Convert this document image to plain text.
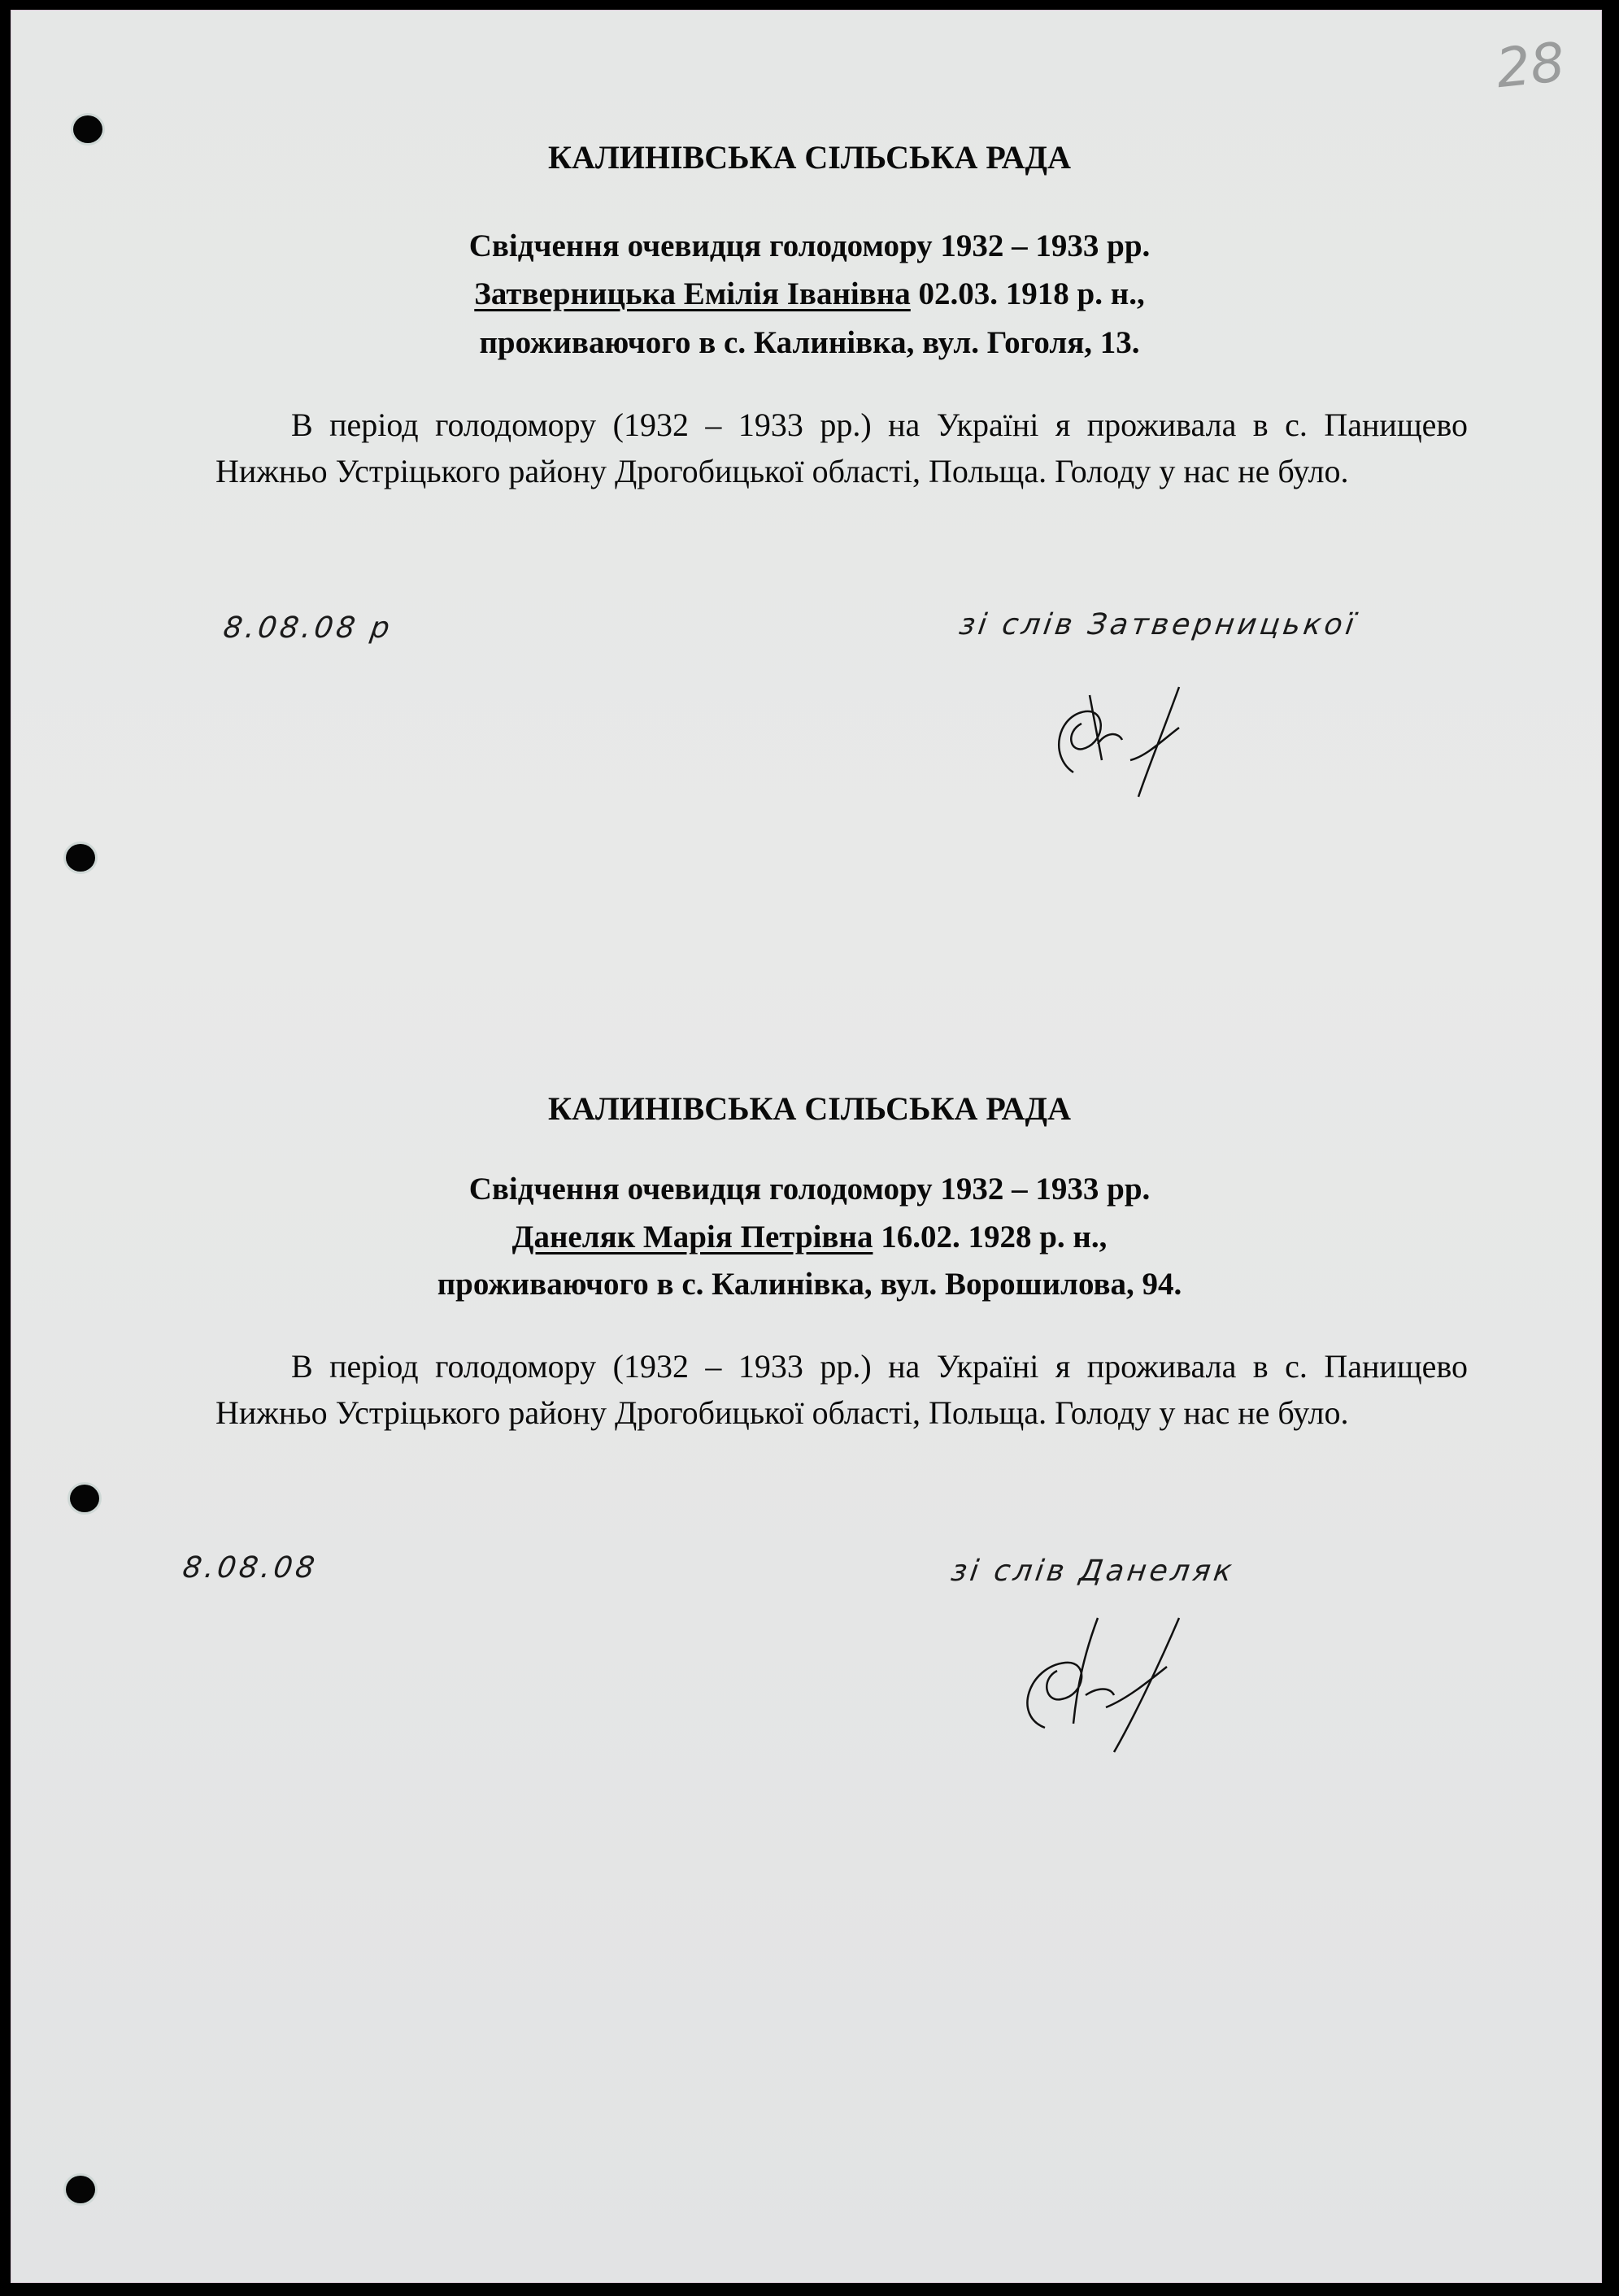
28
КАЛИНІВСЬКА СІЛЬСЬКА РАДА
Свідчення очевидця голодомору 1932 – 1933 рр.
Затверницька Емілія Іванівна 02.03. 1918 р. н.,
проживаючого в с. Калинівка, вул. Гоголя, 13.
В період голодомору (1932 – 1933 рр.) на Україні я проживала в с. Панищево Нижньо Устріцького району Дрогобицької області, Польща. Голоду у нас не було.
8.08.08 р	зі слів Затверницької
КАЛИНІВСЬКА СІЛЬСЬКА РАДА
Свідчення очевидця голодомору 1932 – 1933 рр.
Данеляк Марія Петрівна 16.02. 1928 р. н.,
проживаючого в с. Калинівка, вул. Ворошилова, 94.
В період голодомору (1932 – 1933 рр.) на Україні я проживала в с. Панищево Нижньо Устріцького району Дрогобицької області, Польща. Голоду у нас не було.
8.08.08	зі слів Данеляк
